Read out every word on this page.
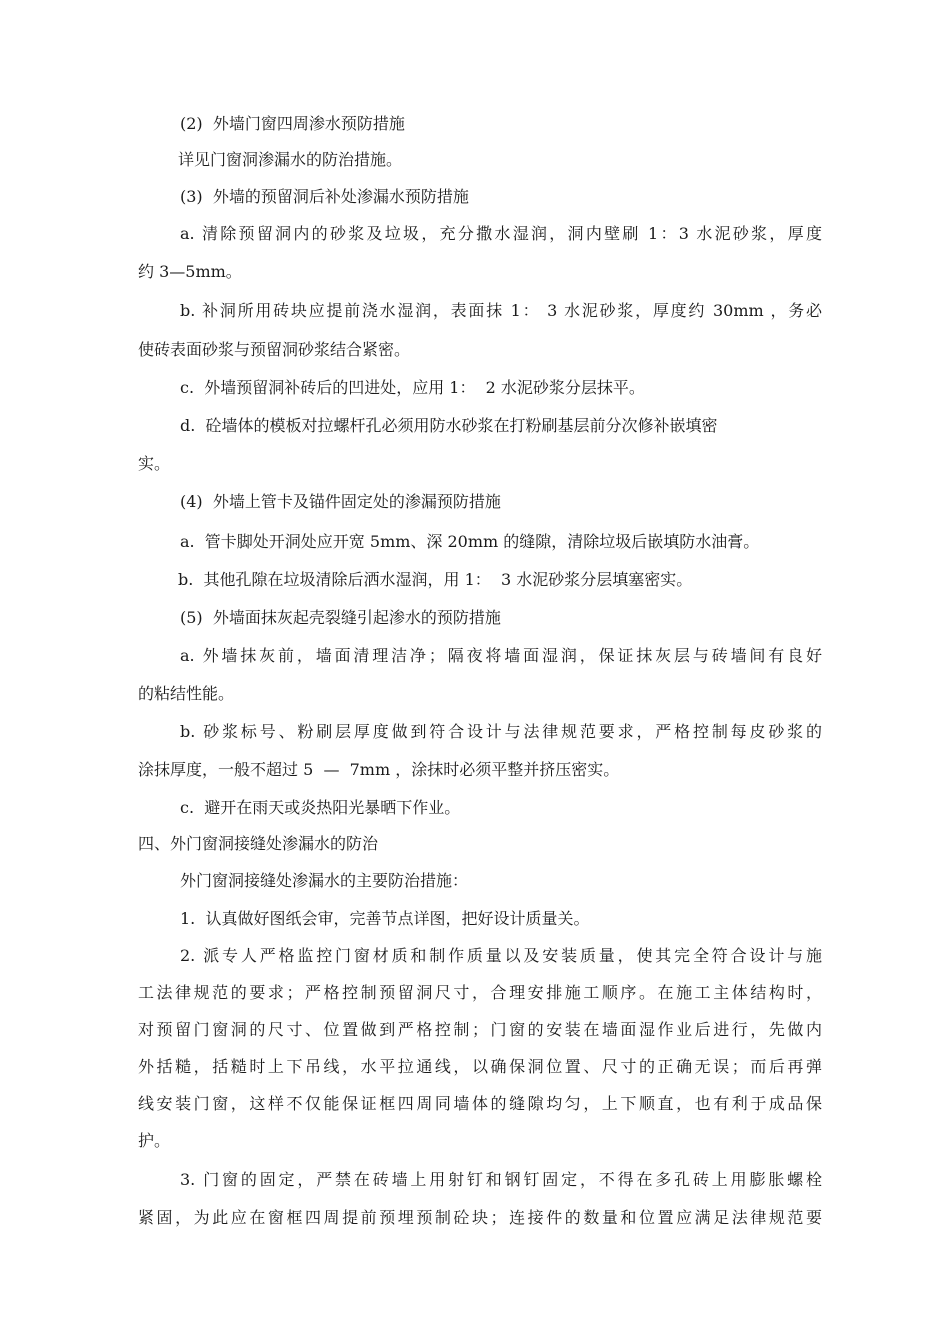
(2)  外墙门窗四周渗水预防措施
详见门窗洞渗漏水的防治措施。
(3)  外墙的预留洞后补处渗漏水预防措施
a. 清除预留洞内的砂浆及垃圾，充分撒水湿润，洞内壁刷 1：3 水泥砂浆，厚度
约 3—5mm。
b. 补洞所用砖块应提前浇水湿润，表面抹 1： 3 水泥砂浆，厚度约 30mm ，务必
使砖表面砂浆与预留洞砂浆结合紧密。
c.  外墙预留洞补砖后的凹进处，应用 1：  2 水泥砂浆分层抹平。
d.  砼墙体的模板对拉螺杆孔必须用防水砂浆在打粉刷基层前分次修补嵌填密
实。
(4)  外墙上管卡及锚件固定处的渗漏预防措施
a.  管卡脚处开洞处应开宽 5mm、深 20mm 的缝隙，清除垃圾后嵌填防水油膏。
b.  其他孔隙在垃圾清除后洒水湿润，用 1：  3 水泥砂浆分层填塞密实。
(5)  外墙面抹灰起壳裂缝引起渗水的预防措施
a. 外墙抹灰前，墙面清理洁净；隔夜将墙面湿润，保证抹灰层与砖墙间有良好
的粘结性能。
b. 砂浆标号、粉刷层厚度做到符合设计与法律规范要求，严格控制每皮砂浆的
涂抹厚度，一般不超过 5  —  7mm ，涂抹时必须平整并挤压密实。
c.  避开在雨天或炎热阳光暴晒下作业。
四、外门窗洞接缝处渗漏水的防治
外门窗洞接缝处渗漏水的主要防治措施：
1.  认真做好图纸会审，完善节点详图，把好设计质量关。
2. 派专人严格监控门窗材质和制作质量以及安装质量，使其完全符合设计与施
工法律规范的要求；严格控制预留洞尺寸，合理安排施工顺序。在施工主体结构时，
对预留门窗洞的尺寸、位置做到严格控制；门窗的安装在墙面湿作业后进行，先做内
外括糙，括糙时上下吊线，水平拉通线，以确保洞位置、尺寸的正确无误；而后再弹
线安装门窗，这样不仅能保证框四周同墙体的缝隙均匀，上下顺直，也有利于成品保
护。
3. 门窗的固定，严禁在砖墙上用射钉和钢钉固定，不得在多孔砖上用膨胀螺栓
紧固，为此应在窗框四周提前预埋预制砼块；连接件的数量和位置应满足法律规范要
